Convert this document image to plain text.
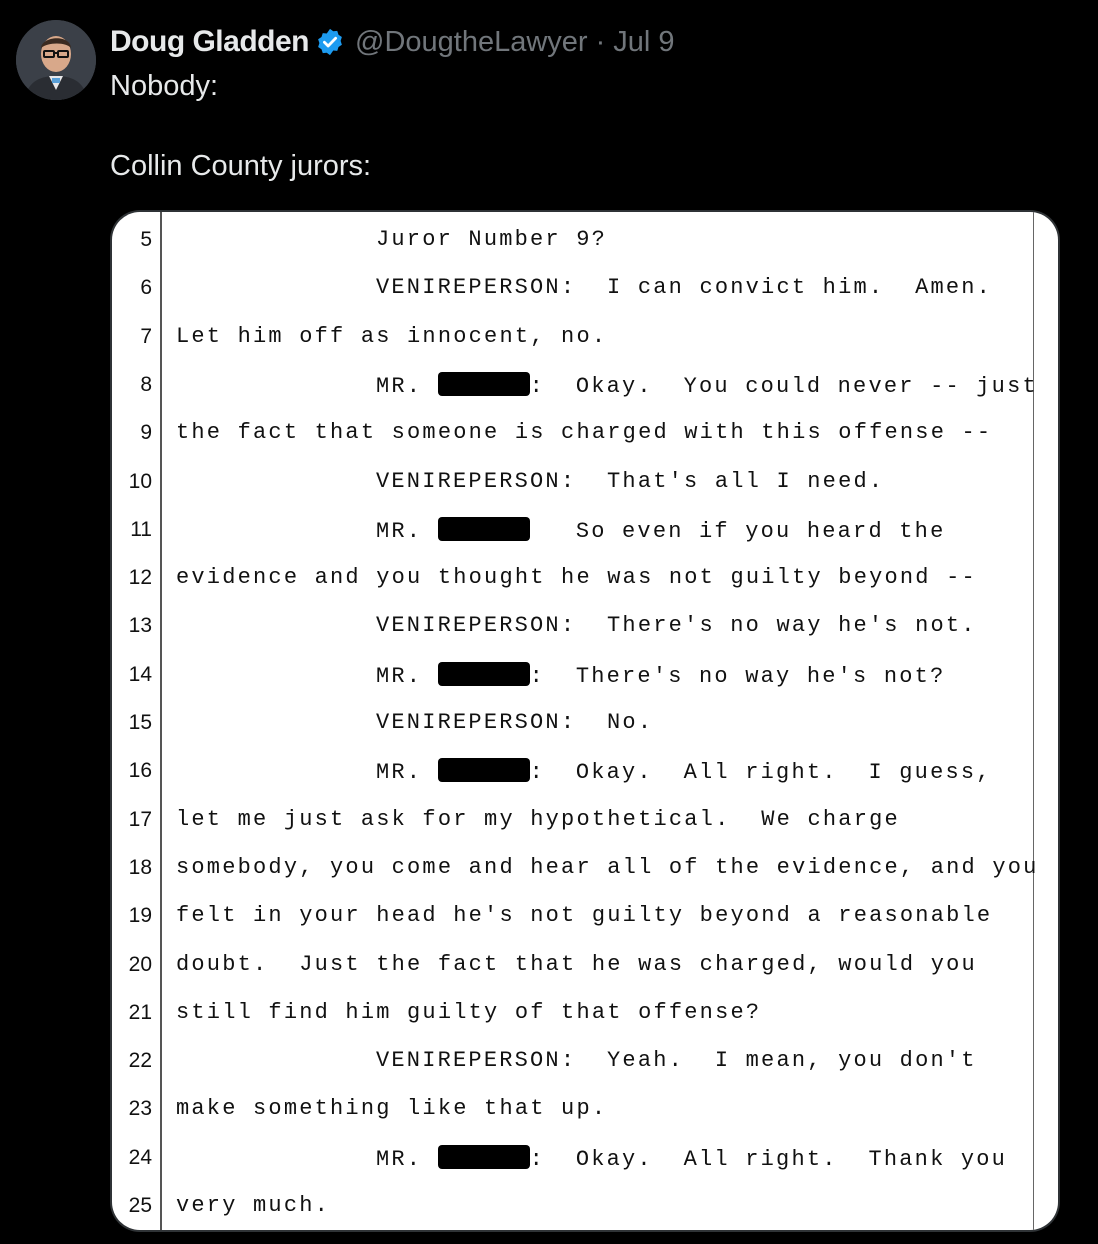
Doug Gladden @DougtheLawyer · Jul 9
Nobody:
Collin County jurors:
5	Juror Number 9?
6	VENIREPERSON:  I can convict him.  Amen.
7 Let him off as innocent, no.
8	MR.	:  Okay.  You could never -- just
9 the fact that someone is charged with this offense --
10	VENIREPERSON:  That's all I need.
11	MR.	So even if you heard the
12 evidence and you thought he was not guilty beyond --
13	VENIREPERSON:  There's no way he's not.
14	MR.	:  There's no way he's not?
15	VENIREPERSON:  No.
16	MR.	:  Okay.  All right.  I guess,
17 let me just ask for my hypothetical.  We charge
18 somebody, you come and hear all of the evidence, and you
19 felt in your head he's not guilty beyond a reasonable
20 doubt.  Just the fact that he was charged, would you
21 still find him guilty of that offense?
22	VENIREPERSON:  Yeah.  I mean, you don't
23 make something like that up.
24	MR.	:  Okay.  All right.  Thank you
25 very much.
